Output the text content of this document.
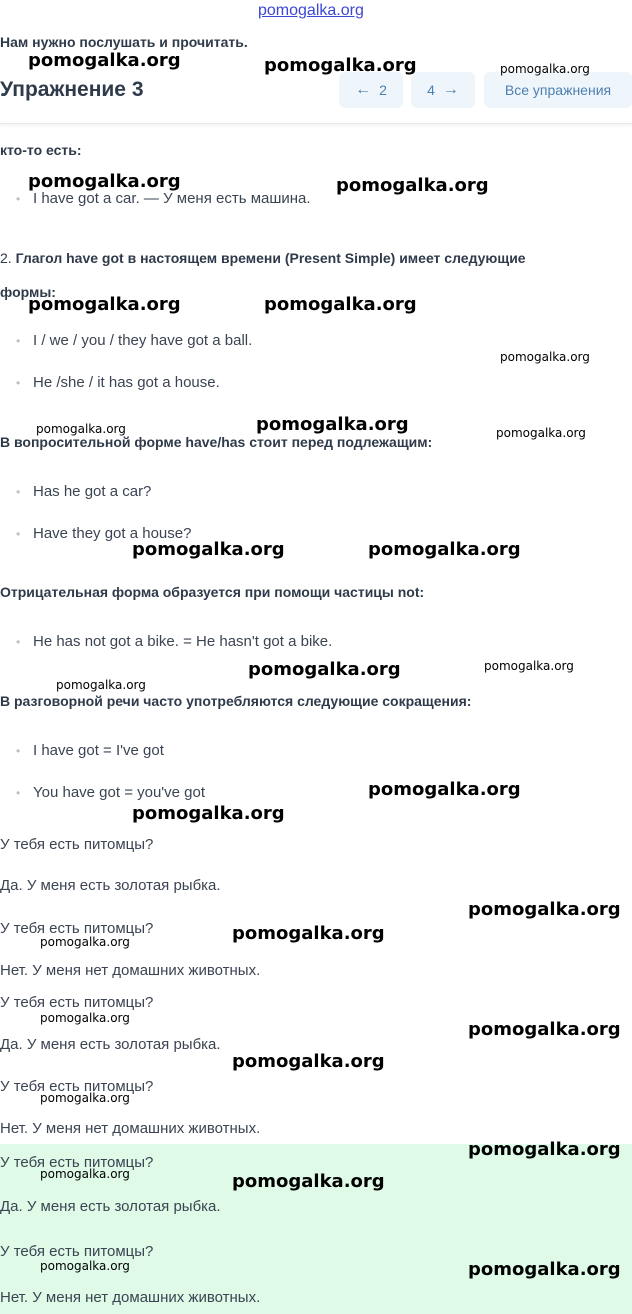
pomogalka.org
Нам нужно послушать и прочитать.
Упражнение 3	← 2	4 →	Все упражнения
кто-то есть:
• I have got a car. — У меня есть машина.
2. Глагол have got в настоящем времени (Present Simple) имеет следующие
формы:
• I / we / you / they have got a ball.
• He /she / it has got a house.
В вопросительной форме have/has стоит перед подлежащим:
• Has he got a car?
• Have they got a house?
Отрицательная форма образуется при помощи частицы not:
• He has not got a bike. = He hasn't got a bike.
В разговорной речи часто употребляются следующие сокращения:
• I have got = I've got
• You have got = you've got
У тебя есть питомцы?
Да. У меня есть золотая рыбка.
У тебя есть питомцы?
Нет. У меня нет домашних животных.
У тебя есть питомцы?
Да. У меня есть золотая рыбка.
У тебя есть питомцы?
Нет. У меня нет домашних животных.
У тебя есть питомцы?
Да. У меня есть золотая рыбка.
У тебя есть питомцы?
Нет. У меня нет домашних животных.
pomogalka.org	pomogalka.org	pomogalka.org
pomogalka.org	pomogalka.org
pomogalka.org	pomogalka.org
pomogalka.org
pomogalka.org	pomogalka.org	pomogalka.org
pomogalka.org	pomogalka.org
pomogalka.org	pomogalka.org
pomogalka.org
pomogalka.org
pomogalka.org
pomogalka.org
pomogalka.org
pomogalka.org
pomogalka.org
pomogalka.org
pomogalka.org
pomogalka.org
pomogalka.org
pomogalka.org	pomogalka.org
pomogalka.org	pomogalka.org
